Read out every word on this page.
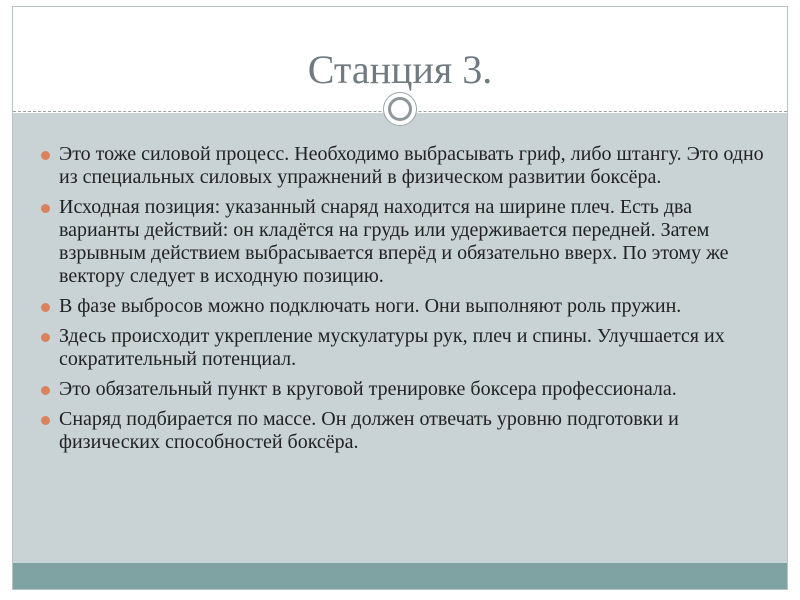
Станция 3.
Это тоже силовой процесс. Необходимо выбрасывать гриф, либо штангу. Это одно из специальных силовых упражнений в физическом развитии боксёра.
Исходная позиция: указанный снаряд находится на ширине плеч. Есть два варианты действий: он кладётся на грудь или удерживается передней. Затем взрывным действием выбрасывается вперёд и обязательно вверх. По этому же вектору следует в исходную позицию.
В фазе выбросов можно подключать ноги. Они выполняют роль пружин.
Здесь происходит укрепление мускулатуры рук, плеч и спины. Улучшается их сократительный потенциал.
Это обязательный пункт в круговой тренировке боксера профессионала.
Снаряд подбирается по массе. Он должен отвечать уровню подготовки и физических способностей боксёра.
